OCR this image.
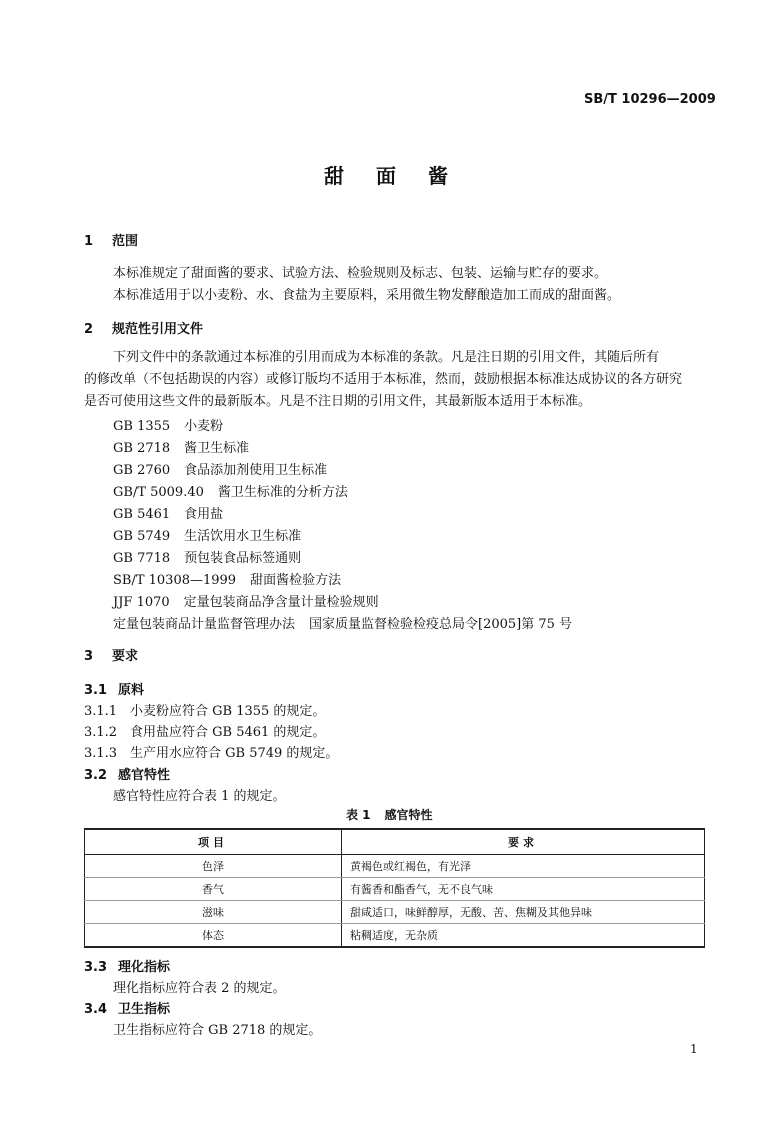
SB/T 10296—2009
甜面酱
1 范围
本标准规定了甜面酱的要求、试验方法、检验规则及标志、包装、运输与贮存的要求。
本标准适用于以小麦粉、水、食盐为主要原料，采用微生物发酵酿造加工而成的甜面酱。
2 规范性引用文件
下列文件中的条款通过本标准的引用而成为本标准的条款。凡是注日期的引用文件，其随后所有
的修改单（不包括勘误的内容）或修订版均不适用于本标准，然而，鼓励根据本标准达成协议的各方研究
是否可使用这些文件的最新版本。凡是不注日期的引用文件，其最新版本适用于本标准。
GB 1355 小麦粉
GB 2718 酱卫生标准
GB 2760 食品添加剂使用卫生标准
GB/T 5009.40 酱卫生标准的分析方法
GB 5461 食用盐
GB 5749 生活饮用水卫生标准
GB 7718 预包装食品标签通则
SB/T 10308—1999 甜面酱检验方法
JJF 1070 定量包装商品净含量计量检验规则
定量包装商品计量监督管理办法 国家质量监督检验检疫总局令[2005]第 75 号
3 要求
3.1 原料
3.1.1 小麦粉应符合 GB 1355 的规定。
3.1.2 食用盐应符合 GB 5461 的规定。
3.1.3 生产用水应符合 GB 5749 的规定。
3.2 感官特性
感官特性应符合表 1 的规定。
表 1 感官特性
项目	要求
色泽	黄褐色或红褐色，有光泽
香气	有酱香和酯香气，无不良气味
滋味	甜咸适口，味鲜醇厚，无酸、苦、焦糊及其他异味
体态	粘稠适度，无杂质
3.3 理化指标
理化指标应符合表 2 的规定。
3.4 卫生指标
卫生指标应符合 GB 2718 的规定。
1
